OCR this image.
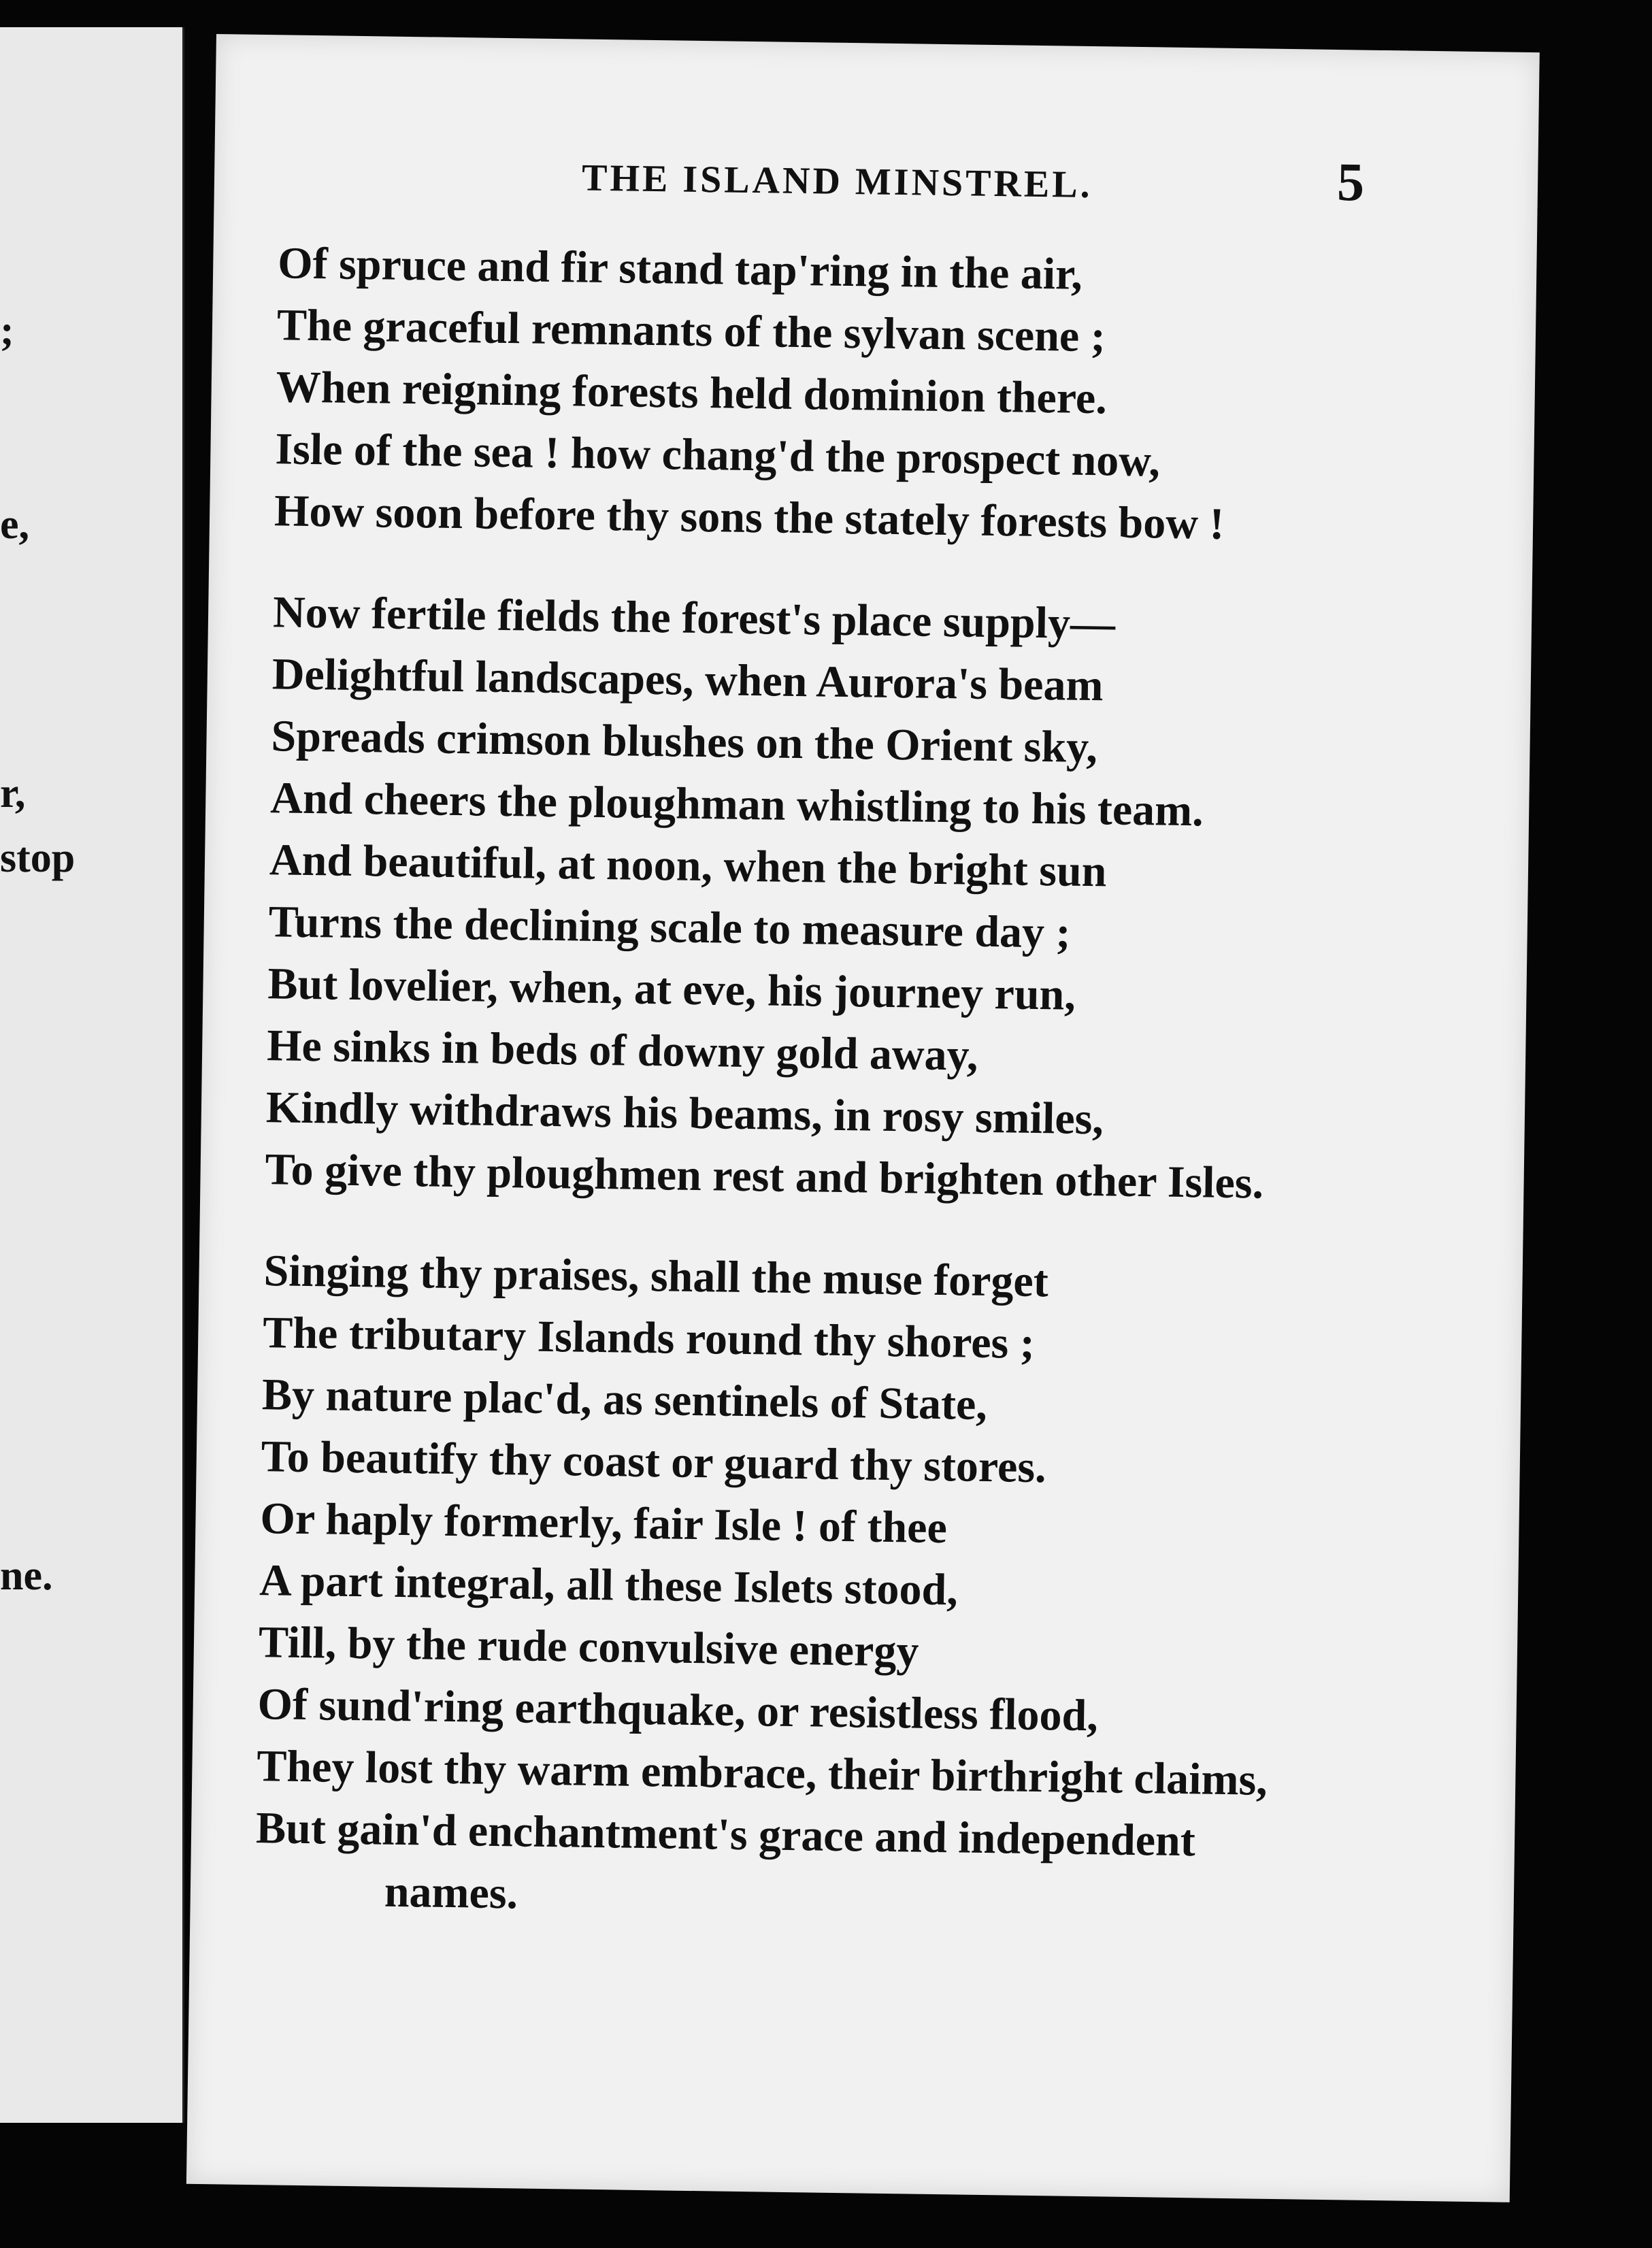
;
e,
r,
stop
ne.
THE ISLAND MINSTREL.	5
Of spruce and fir stand tap'ring in the air,
The graceful remnants of the sylvan scene ;
When reigning forests held dominion there.
Isle of the sea ! how chang'd the prospect now,
How soon before thy sons the stately forests bow !
Now fertile fields the forest's place supply—
Delightful landscapes, when Aurora's beam
Spreads crimson blushes on the Orient sky,
And cheers the ploughman whistling to his team.
And beautiful, at noon, when the bright sun
Turns the declining scale to measure day ;
But lovelier, when, at eve, his journey run,
He sinks in beds of downy gold away,
Kindly withdraws his beams, in rosy smiles,
To give thy ploughmen rest and brighten other Isles.
Singing thy praises, shall the muse forget
The tributary Islands round thy shores ;
By nature plac'd, as sentinels of State,
To beautify thy coast or guard thy stores.
Or haply formerly, fair Isle ! of thee
A part integral, all these Islets stood,
Till, by the rude convulsive energy
Of sund'ring earthquake, or resistless flood,
They lost thy warm embrace, their birthright claims,
But gain'd enchantment's grace and independent
names.
